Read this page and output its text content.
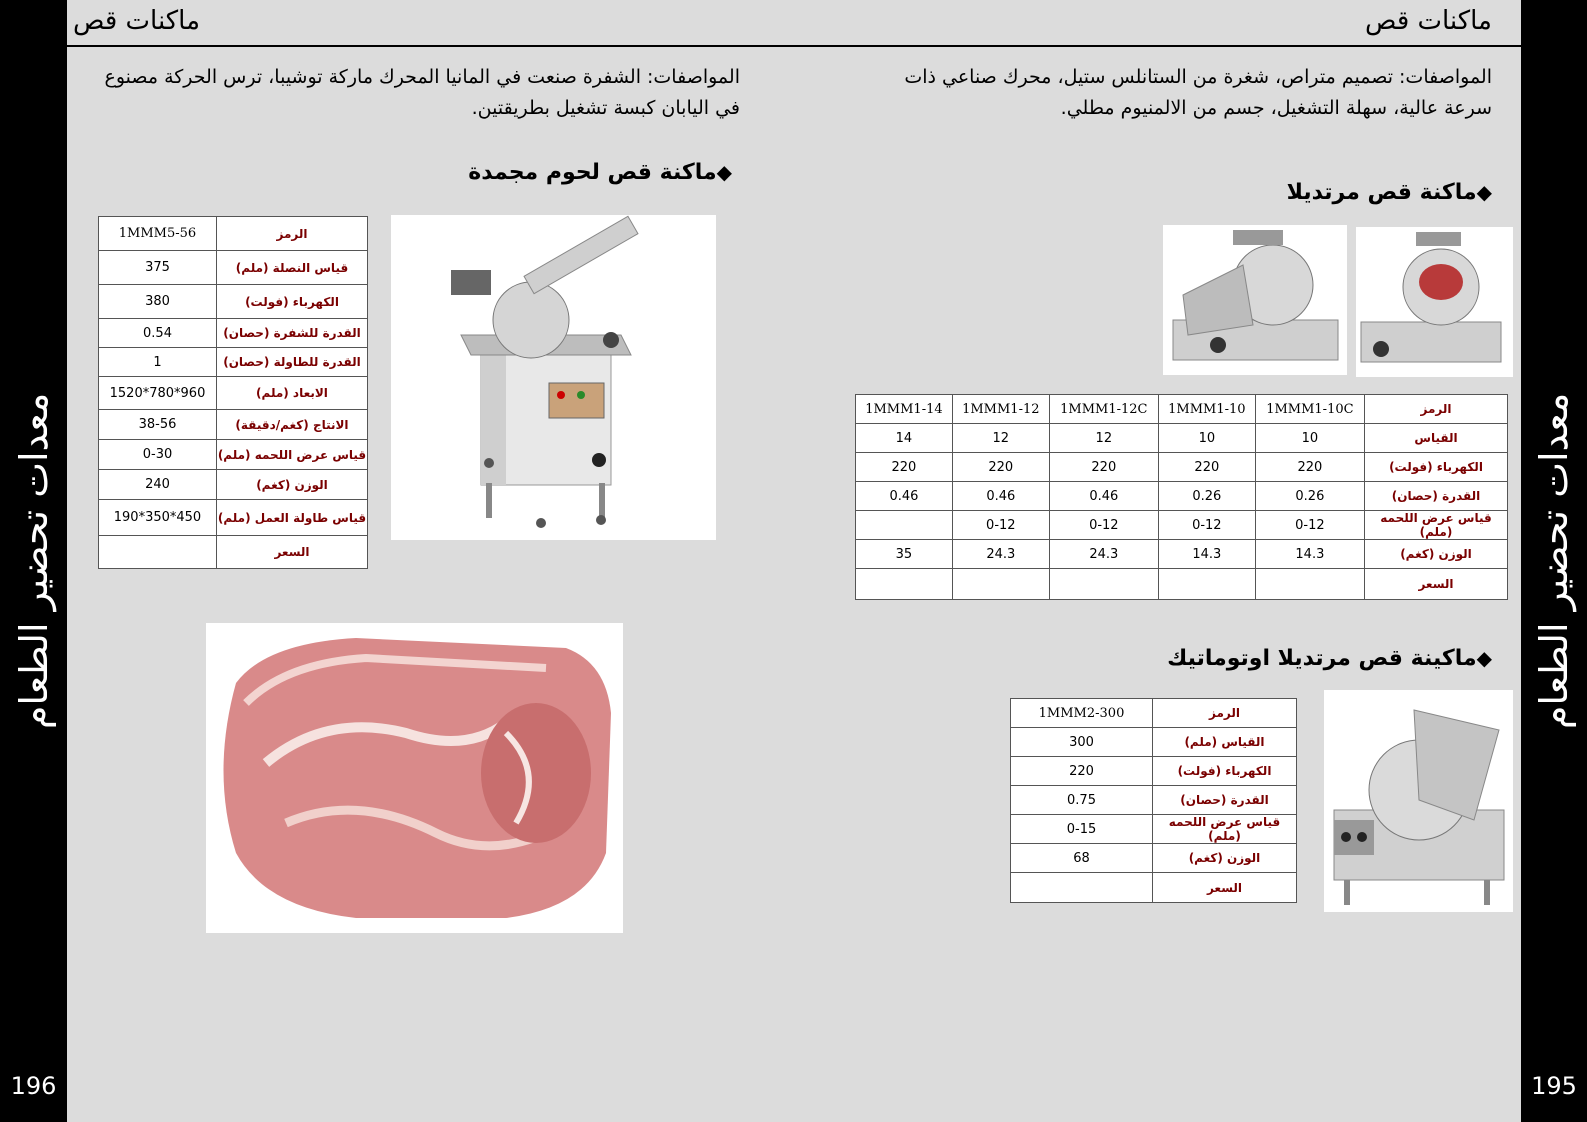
معدات تحضير الطعام
196
معدات تحضير الطعام
195
ماكنات قص	ماكنات قص
المواصفات: الشفرة صنعت في المانيا المحرك ماركة توشيبا، ترس الحركة مصنوع في اليابان كبسة تشغيل بطريقتين.
◆ماكنة قص لحوم مجمدة
1MMM5-56	الرمز
375	قياس النصلة (ملم)
380	الكهرباء (فولت)
0.54	القدرة للشفرة (حصان)
1	القدرة للطاولة (حصان)
1520*780*960	الابعاد (ملم)
38-56	الانتاج (كغم/دقيقة)
0-30	قياس عرض اللحمه (ملم)
240	الوزن (كغم)
190*350*450	قياس طاولة العمل (ملم)
	السعر
المواصفات: تصميم متراص، شغرة من الستانلس ستيل، محرك صناعي ذات سرعة عالية، سهلة التشغيل، جسم من الالمنيوم مطلي.
◆ماكنة قص مرتديلا
1MMM1-14	1MMM1-12	1MMM1-12C	1MMM1-10	1MMM1-10C	الرمز
14	12	12	10	10	القياس
220	220	220	220	220	الكهرباء (فولت)
0.46	0.46	0.46	0.26	0.26	القدرة (حصان)
	0-12	0-12	0-12	0-12	قياس عرض اللحمه (ملم)
35	24.3	24.3	14.3	14.3	الوزن (كغم)
					السعر
◆ماكينة قص مرتديلا اوتوماتيك
1MMM2-300	الرمز
300	القياس (ملم)
220	الكهرباء (فولت)
0.75	القدرة (حصان)
0-15	قياس عرض اللحمه (ملم)
68	الوزن (كغم)
	السعر
